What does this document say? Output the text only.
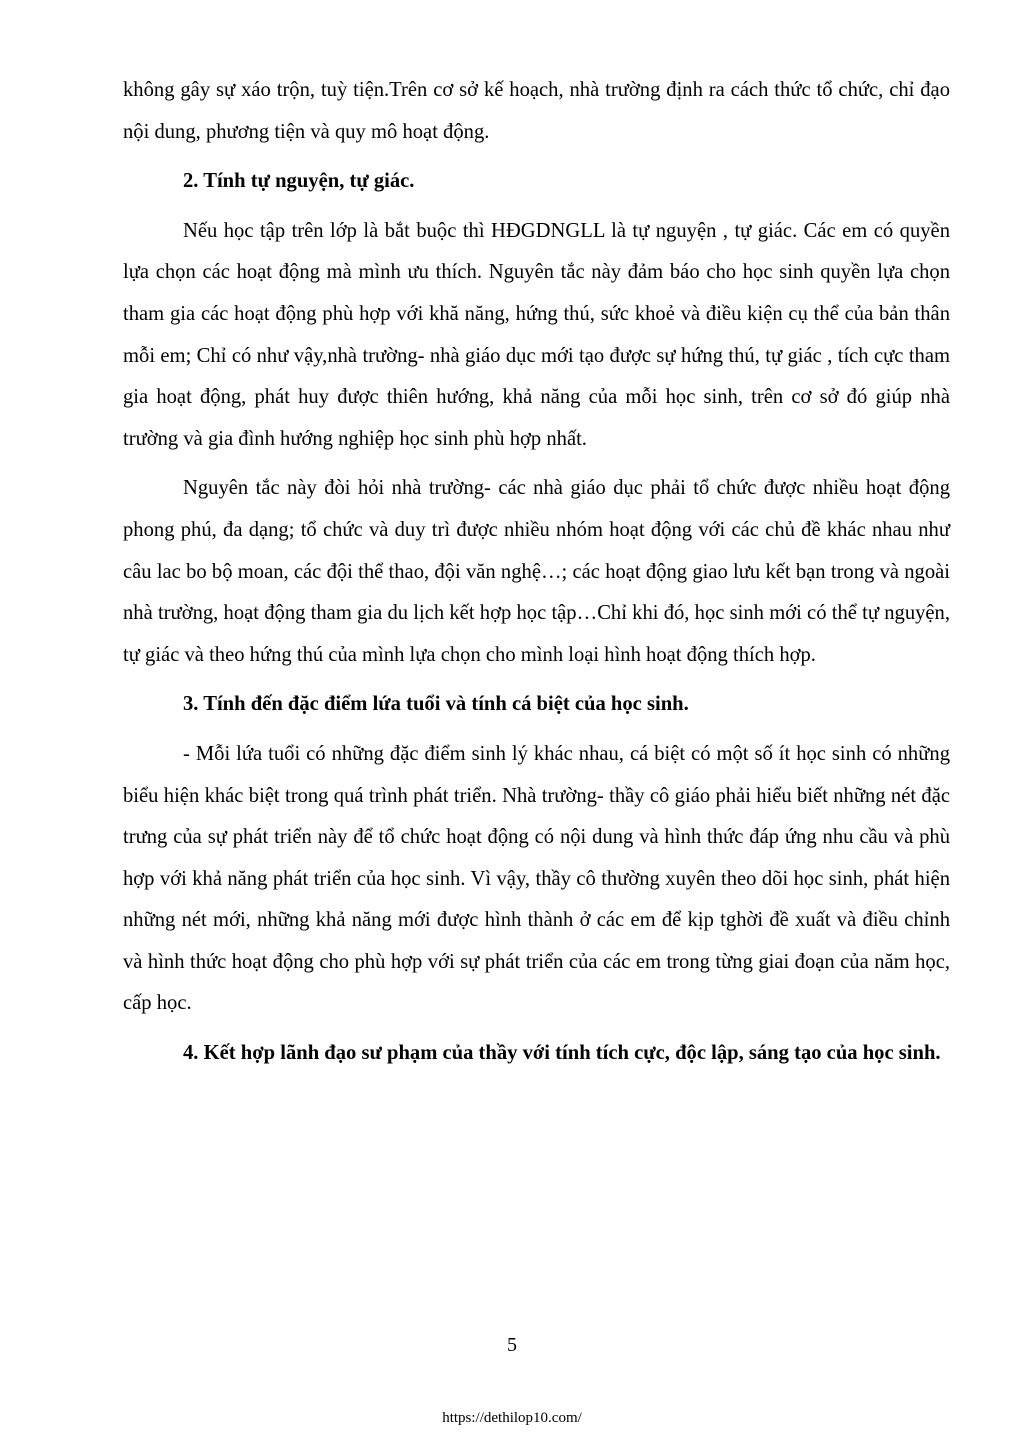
không gây sự xáo trộn, tuỳ tiện.Trên cơ sở kế hoạch, nhà trường định ra cách thức tổ chức, chỉ đạo nội dung, phương tiện và quy mô hoạt động.

2. Tính tự nguyện, tự giác.

Nếu học tập trên lớp là bắt buộc thì HĐGDNGLL là tự nguyện , tự giác. Các em có quyền lựa chọn các hoạt động mà mình ưu thích. Nguyên tắc này đảm báo cho học sinh quyền lựa chọn tham gia các hoạt động phù hợp với khă năng, hứng thú, sức khoẻ và điều kiện cụ thể của bản thân mỗi em; Chỉ có như vậy,nhà trường- nhà giáo dục mới tạo được sự hứng thú, tự giác , tích cực tham gia hoạt động, phát huy được thiên hướng, khả năng của mỗi học sinh, trên cơ sở đó giúp nhà trường và gia đình hướng nghiệp học sinh phù hợp nhất.

Nguyên tắc này đòi hỏi nhà trường- các nhà giáo dục phải tổ chức được nhiều hoạt động phong phú, đa dạng; tổ chức và duy trì được nhiều nhóm hoạt động với các chủ đề khác nhau như câu lac bo bộ moan, các đội thể thao, đội văn nghệ…; các hoạt động giao lưu kết bạn trong và ngoài nhà trường, hoạt động tham gia du lịch kết hợp học tập…Chỉ khi đó, học sinh mới có thể tự nguyện, tự giác và theo hứng thú của mình lựa chọn cho mình loại hình hoạt động thích hợp.

3. Tính đến đặc điểm lứa tuổi và tính cá biệt của học sinh.

- Mỗi lứa tuổi có những đặc điểm sinh lý khác nhau, cá biệt có một số ít học sinh có những biểu hiện khác biệt trong quá trình phát triển. Nhà trường- thầy cô giáo phải hiểu biết những nét đặc trưng của sự phát triển này để tổ chức hoạt động có nội dung và hình thức đáp ứng nhu cầu và phù hợp với khả năng phát triển của học sinh. Vì vậy, thầy cô thường xuyên theo dõi học sinh, phát hiện những nét mới, những khả năng mới được hình thành ở các em để kịp tghời đề xuất và điều chỉnh và hình thức hoạt động cho phù hợp với sự phát triển của các em trong từng giai đoạn của năm học, cấp học.

4. Kết hợp lãnh đạo sư phạm của thầy với tính tích cực, độc lập, sáng tạo của học sinh.

5
https://dethilop10.com/
